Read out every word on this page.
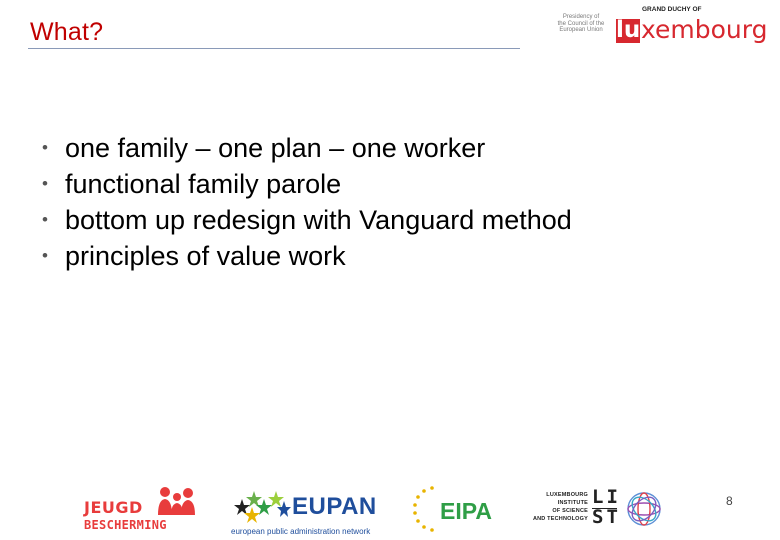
What?
Presidency of
the Council of the
European Union
GRAND DUCHY OF
lu xembourg
• one family – one plan – one worker
• functional family parole
• bottom up redesign with Vanguard method
• principles of value work
8
JEUGD
BESCHERMING
EUPAN
european public administration network
EIPA
LUXEMBOURG
INSTITUTE
OF SCIENCE
AND TECHNOLOGY
LI
ST
